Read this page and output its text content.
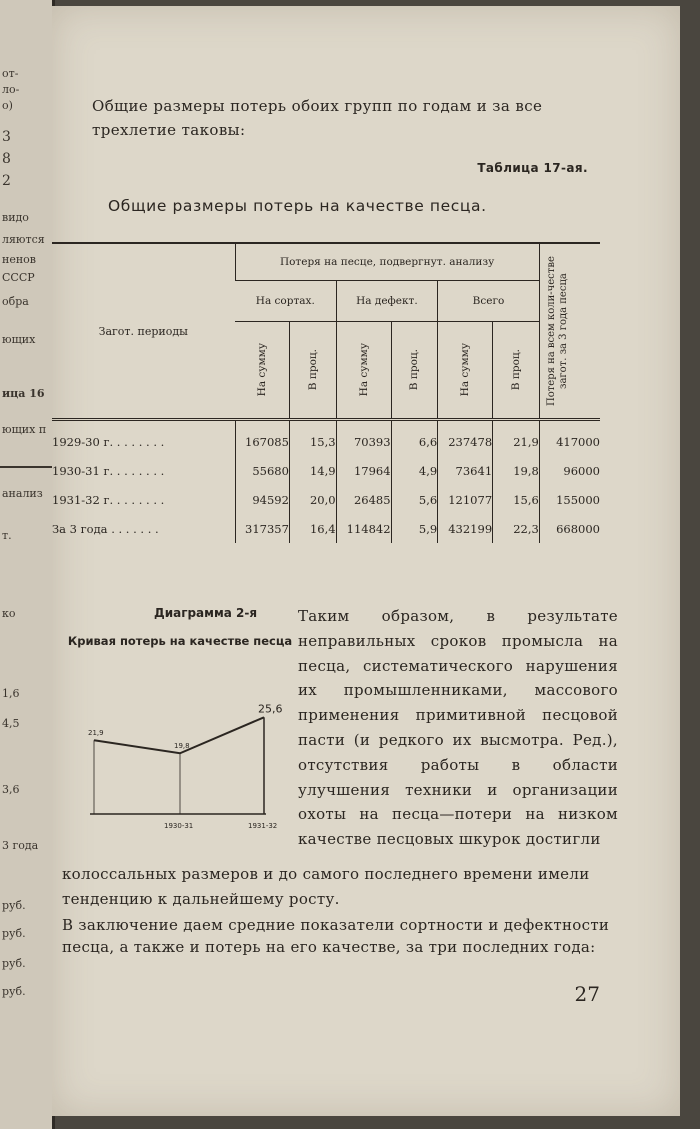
от-
ло-
о)
3
8
2
видо
ляются
ненов
СССР
обра
ющих
ица 16
ющих п
анализ
т.
ко
1,6
4,5
3,6
3 года
руб.
руб.
руб.
руб.
Общие размеры потерь обоих групп по годам и за все трехлетие таковы:
Таблица 17-ая.
Общие размеры потерь на качестве песца.
Загот. периоды	Потеря на песце, подвергнут. анализу						Потеря на всем коли-честве загот. за 3 года песца

	На сортах.		На дефект.		Всего		

	На сумму	В проц.	На сумму	В проц.	На сумму	В проц.	

1929-30 г. . . . . . . .	167085	15,3	70393	6,6	237478	21,9	417000
1930-31 г. . . . . . . .	55680	14,9	17964	4,9	73641	19,8	96000
1931-32 г. . . . . . . .	94592	20,0	26485	5,6	121077	15,6	155000
За 3 года . . . . . . .	317357	16,4	114842	5,9	432199	22,3	668000
Диаграмма 2-я
Кривая потерь на качестве песца
21,9
19,8
25,6
1930-31	1931-32
Таким образом, в результате неправильных сроков промысла на песца, систематического нарушения их промышленниками, массового применения примитивной песцовой пасти (и редкого их высмотра. Ред.), отсутствия работы в области улучшения техники и организации охоты на песца—потери на низком качестве песцовых шкурок достигли
колоссальных размеров и до самого последнего времени имели тенденцию к дальнейшему росту.
В заключение даем средние показатели сортности и дефектности песца, а также и потерь на его качестве, за три последних года:
27
